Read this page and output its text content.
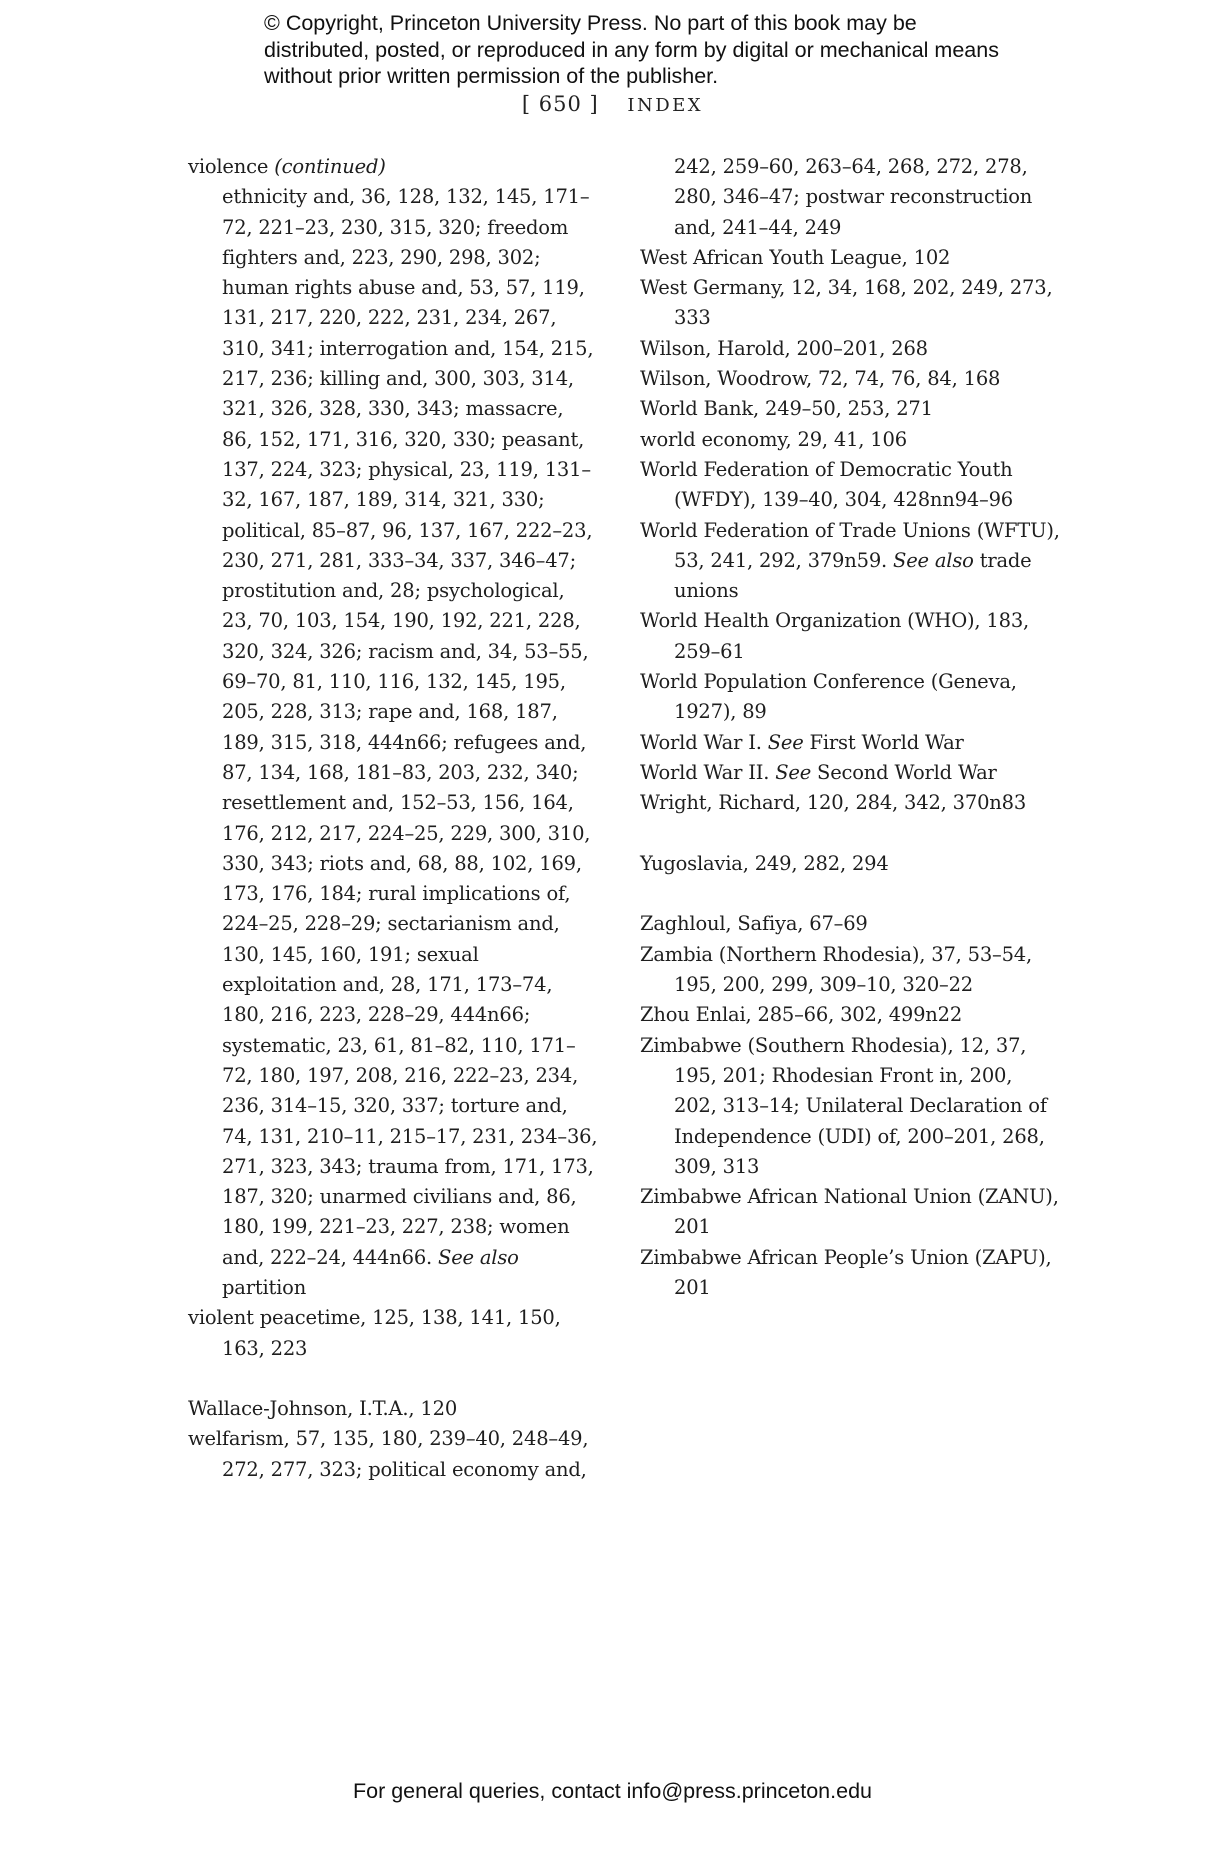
© Copyright, Princeton University Press. No part of this book may be distributed, posted, or reproduced in any form by digital or mechanical means without prior written permission of the publisher.
[ 650 ] INDEX
violence (continued)
ethnicity and, 36, 128, 132, 145, 171–72, 221–23, 230, 315, 320; freedom fighters and, 223, 290, 298, 302; human rights abuse and, 53, 57, 119, 131, 217, 220, 222, 231, 234, 267, 310, 341; interrogation and, 154, 215, 217, 236; killing and, 300, 303, 314, 321, 326, 328, 330, 343; massacre, 86, 152, 171, 316, 320, 330; peasant, 137, 224, 323; physical, 23, 119, 131–32, 167, 187, 189, 314, 321, 330; political, 85–87, 96, 137, 167, 222–23, 230, 271, 281, 333–34, 337, 346–47; prostitution and, 28; psychological, 23, 70, 103, 154, 190, 192, 221, 228, 320, 324, 326; racism and, 34, 53–55, 69–70, 81, 110, 116, 132, 145, 195, 205, 228, 313; rape and, 168, 187, 189, 315, 318, 444n66; refugees and, 87, 134, 168, 181–83, 203, 232, 340; resettlement and, 152–53, 156, 164, 176, 212, 217, 224–25, 229, 300, 310, 330, 343; riots and, 68, 88, 102, 169, 173, 176, 184; rural implications of, 224–25, 228–29; sectarianism and, 130, 145, 160, 191; sexual exploitation and, 28, 171, 173–74, 180, 216, 223, 228–29, 444n66; systematic, 23, 61, 81–82, 110, 171–72, 180, 197, 208, 216, 222–23, 234, 236, 314–15, 320, 337; torture and, 74, 131, 210–11, 215–17, 231, 234–36, 271, 323, 343; trauma from, 171, 173, 187, 320; unarmed civilians and, 86, 180, 199, 221–23, 227, 238; women and, 222–24, 444n66. See also partition
violent peacetime, 125, 138, 141, 150, 163, 223
Wallace-Johnson, I.T.A., 120
welfarism, 57, 135, 180, 239–40, 248–49, 272, 277, 323; political economy and,
242, 259–60, 263–64, 268, 272, 278, 280, 346–47; postwar reconstruction and, 241–44, 249
West African Youth League, 102
West Germany, 12, 34, 168, 202, 249, 273, 333
Wilson, Harold, 200–201, 268
Wilson, Woodrow, 72, 74, 76, 84, 168
World Bank, 249–50, 253, 271
world economy, 29, 41, 106
World Federation of Democratic Youth (WFDY), 139–40, 304, 428nn94–96
World Federation of Trade Unions (WFTU), 53, 241, 292, 379n59. See also trade unions
World Health Organization (WHO), 183, 259–61
World Population Conference (Geneva, 1927), 89
World War I. See First World War
World War II. See Second World War
Wright, Richard, 120, 284, 342, 370n83
Yugoslavia, 249, 282, 294
Zaghloul, Safiya, 67–69
Zambia (Northern Rhodesia), 37, 53–54, 195, 200, 299, 309–10, 320–22
Zhou Enlai, 285–66, 302, 499n22
Zimbabwe (Southern Rhodesia), 12, 37, 195, 201; Rhodesian Front in, 200, 202, 313–14; Unilateral Declaration of Independence (UDI) of, 200–201, 268, 309, 313
Zimbabwe African National Union (ZANU), 201
Zimbabwe African People’s Union (ZAPU), 201
For general queries, contact info@press.princeton.edu
